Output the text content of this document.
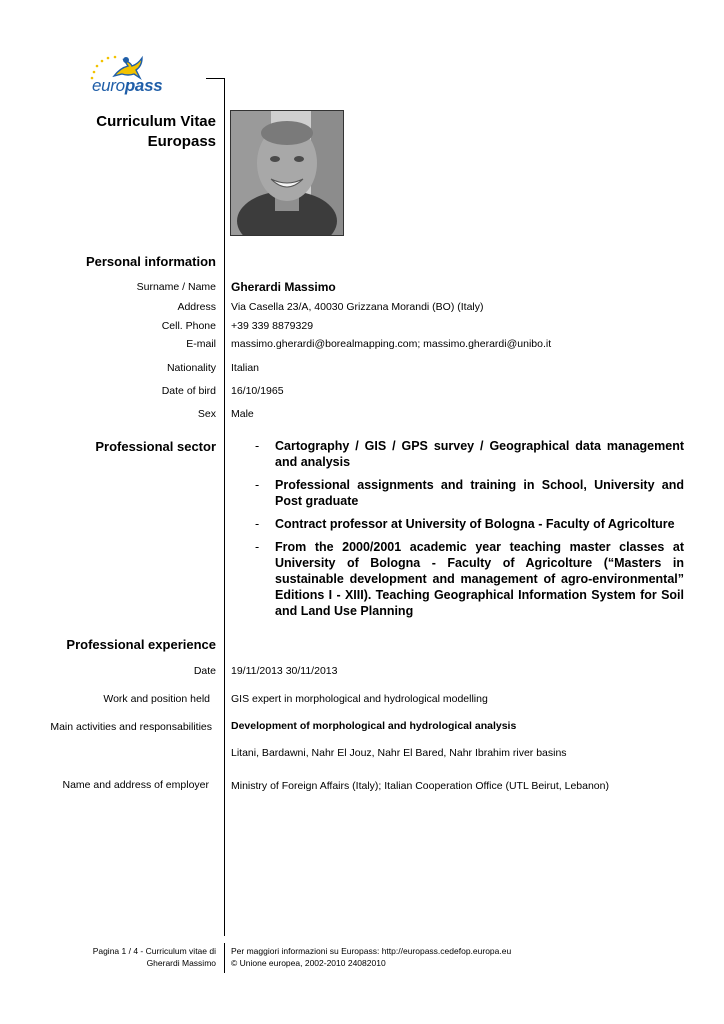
europass
Curriculum Vitae
Europass
Personal information
Surname / Name Gherardi Massimo
Address Via Casella 23/A, 40030 Grizzana Morandi (BO) (Italy)
Cell. Phone +39 339 8879329
E-mail massimo.gherardi@borealmapping.com; massimo.gherardi@unibo.it
Nationality Italian
Date of bird 16/10/1965
Sex Male
Professional sector	- Cartography / GIS / GPS survey / Geographical data management and analysis
- Professional assignments and training in School, University and Post graduate
- Contract professor at University of Bologna - Faculty of Agricolture
- From the 2000/2001 academic year teaching master classes at University of Bologna - Faculty of Agricolture (“Masters in sustainable development and management of agro-environmental” Editions I - XIII). Teaching Geographical Information System for Soil and Land Use Planning
Professional experience
Date 19/11/2013 30/11/2013
Work and position held GIS expert in morphological and hydrological modelling
Main activities and responsabilities Development of morphological and hydrological analysis
Litani, Bardawni, Nahr El Jouz, Nahr El Bared, Nahr Ibrahim river basins
Name and address of employer Ministry of Foreign Affairs (Italy); Italian Cooperation Office (UTL Beirut, Lebanon)
Pagina 1 / 4 - Curriculum vitae di
Gherardi Massimo
Per maggiori informazioni su Europass: http://europass.cedefop.europa.eu
© Unione europea, 2002-2010 24082010
